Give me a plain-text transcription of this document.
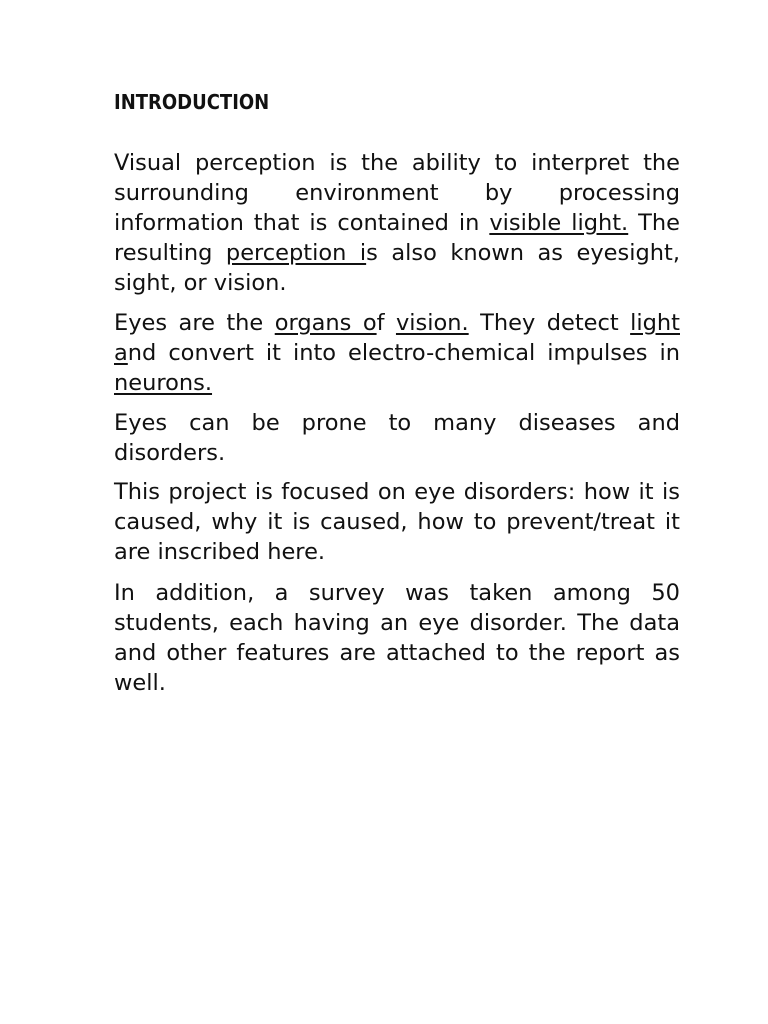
INTRODUCTION

Visual perception is the ability to interpret the surrounding environment by processing information that is contained in visible light. The resulting perception is also known as eyesight, sight, or vision.

Eyes are the organs of vision. They detect light and convert it into electro-chemical impulses in neurons.

Eyes can be prone to many diseases and disorders.

This project is focused on eye disorders: how it is caused, why it is caused, how to prevent/treat it are inscribed here.

In addition, a survey was taken among 50 students, each having an eye disorder. The data and other features are attached to the report as well.
